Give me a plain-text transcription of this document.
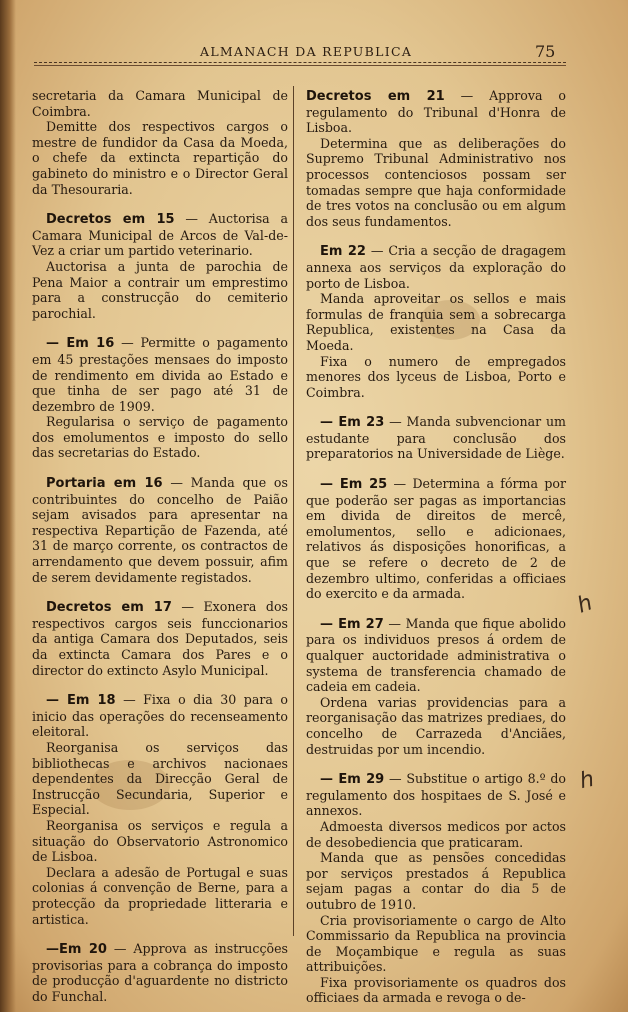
ALMANACH DA REPUBLICA	75

secretaria da Camara Municipal de Coimbra.

Demitte dos respectivos cargos o mestre de fundidor da Casa da Moeda, o chefe da extincta repartição do gabineto do ministro e o Director Geral da Thesouraria.

Decretos em 15 — Auctorisa a Camara Municipal de Arcos de Val-de-Vez a criar um partido veterinario.

Auctorisa a junta de parochia de Pena Maior a contrair um emprestimo para a construcção do cemiterio parochial.

— Em 16 — Permitte o pagamento em 45 prestações mensaes do imposto de rendimento em divida ao Estado e que tinha de ser pago até 31 de dezembro de 1909.

Regularisa o serviço de pagamento dos emolumentos e imposto do sello das secretarias do Estado.

Portaria em 16 — Manda que os contribuintes do concelho de Paião sejam avisados para apresentar na respectiva Repartição de Fazenda, até 31 de março corrente, os contractos de arrendamento que devem possuir, afim de serem devidamente registados.

Decretos em 17 — Exonera dos respectivos cargos seis funccionarios da antiga Camara dos Deputados, seis da extincta Camara dos Pares e o director do extincto Asylo Municipal.

— Em 18 — Fixa o dia 30 para o inicio das operações do recenseamento eleitoral.

Reorganisa os serviços das bibliothecas e archivos nacionaes dependentes da Direcção Geral de Instrucção Secundaria, Superior e Especial.

Reorganisa os serviços e regula a situação do Observatorio Astronomico de Lisboa.

Declara a adesão de Portugal e suas colonias á convenção de Berne, para a protecção da propriedade litteraria e artistica.

—Em 20 — Approva as instrucções provisorias para a cobrança do imposto de producção d'aguardente no districto do Funchal.

Decretos em 21 — Approva o regulamento do Tribunal d'Honra de Lisboa.

Determina que as deliberações do Supremo Tribunal Administrativo nos processos contenciosos possam ser tomadas sempre que haja conformidade de tres votos na conclusão ou em algum dos seus fundamentos.

Em 22 — Cria a secção de dragagem annexa aos serviços da exploração do porto de Lisboa.

Manda aproveitar os sellos e mais formulas de franquia sem a sobrecarga Republica, existentes na Casa da Moeda.

Fixa o numero de empregados menores dos lyceus de Lisboa, Porto e Coimbra.

— Em 23 — Manda subvencionar um estudante para conclusão dos preparatorios na Universidade de Liège.

— Em 25 — Determina a fórma por que poderão ser pagas as importancias em divida de direitos de mercê, emolumentos, sello e adicionaes, relativos ás disposições honorificas, a que se refere o decreto de 2 de dezembro ultimo, conferidas a officiaes do exercito e da armada.

— Em 27 — Manda que fique abolido para os individuos presos á ordem de qualquer auctoridade administrativa o systema de transferencia chamado de cadeia em cadeia.

Ordena varias providencias para a reorganisação das matrizes prediaes, do concelho de Carrazeda d'Anciães, destruidas por um incendio.

— Em 29 — Substitue o artigo 8.º do regulamento dos hospitaes de S. José e annexos.

Admoesta diversos medicos por actos de desobediencia que praticaram.

Manda que as pensões concedidas por serviços prestados á Republica sejam pagas a contar do dia 5 de outubro de 1910.

Cria provisoriamente o cargo de Alto Commissario da Republica na provincia de Moçambique e regula as suas attribuições.

Fixa provisoriamente os quadros dos officiaes da armada e revoga o de-

h
h
